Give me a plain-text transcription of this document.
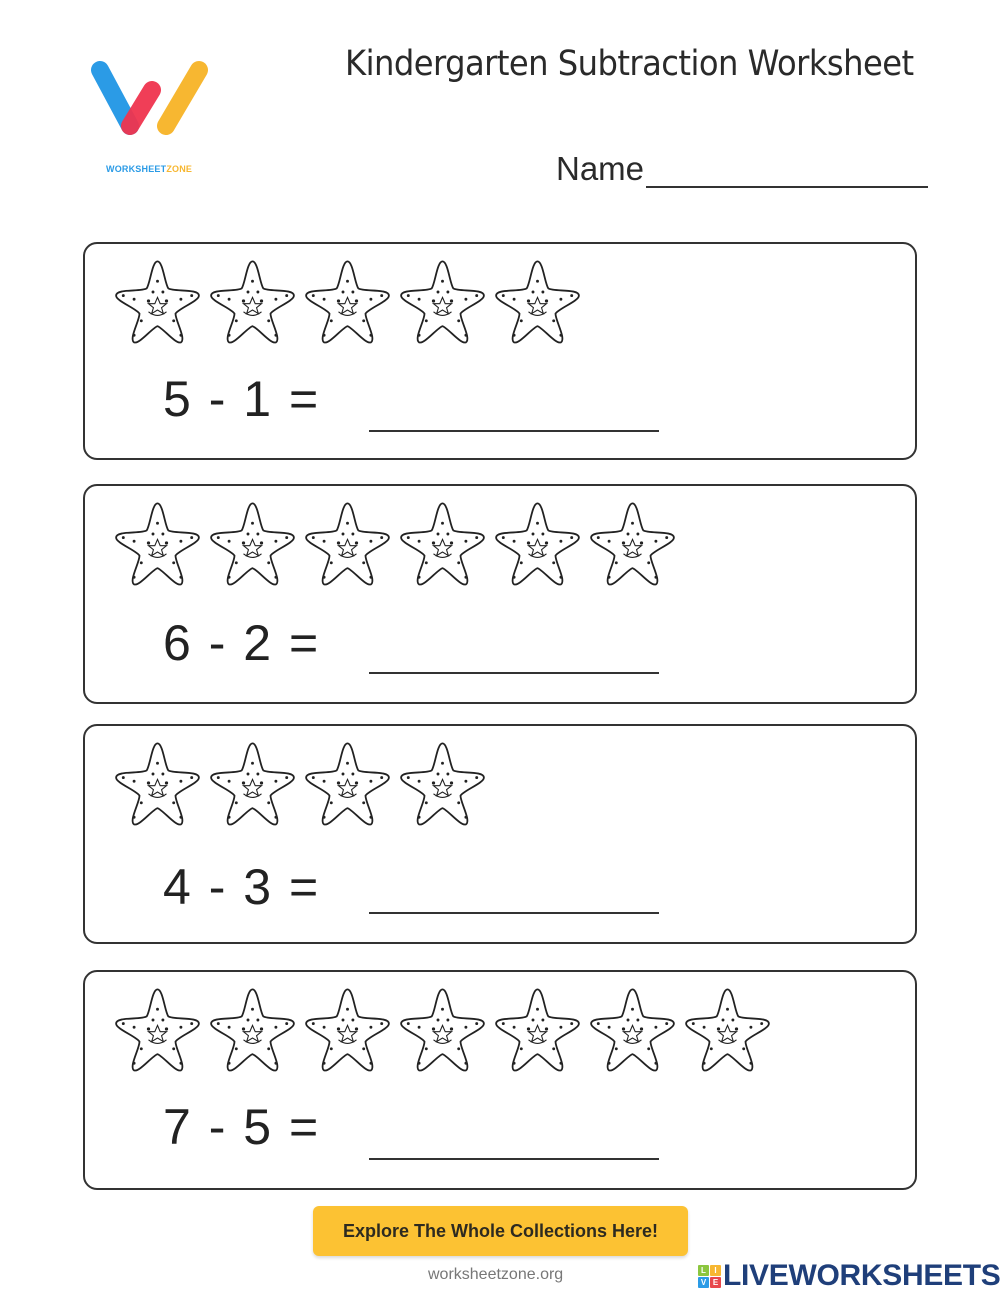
WORKSHEETZONE
Kindergarten Subtraction Worksheet
Name
5 - 1 =
6 - 2 =
4 - 3 =
7 - 5 =
Explore The Whole Collections Here!
worksheetzone.org	L	I
V E LIVEWORKSHEETS
